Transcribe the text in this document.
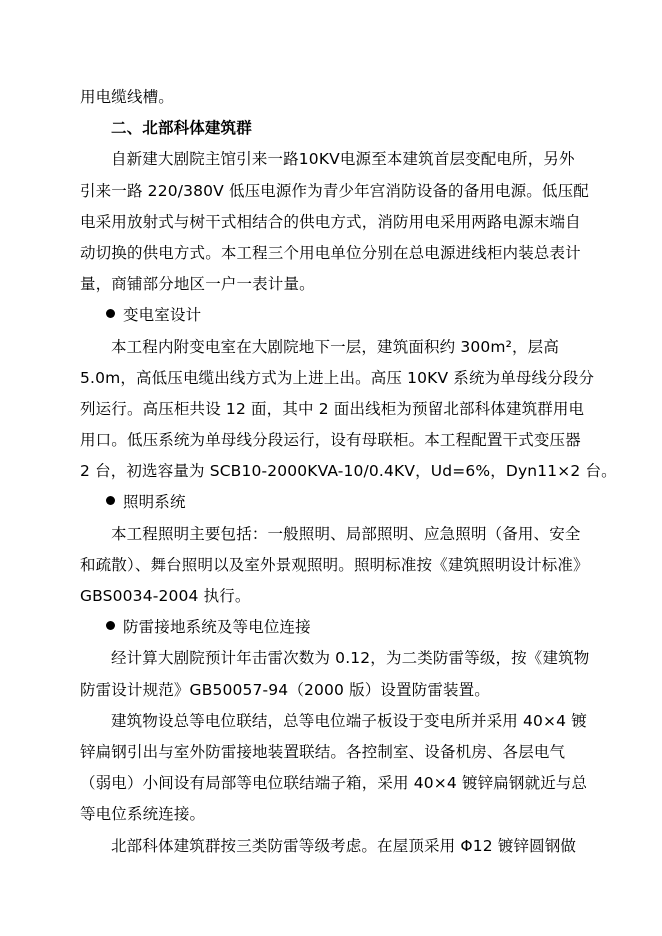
用电缆线槽。
二、北部科体建筑群
自新建大剧院主馆引来一路10KV电源至本建筑首层变配电所，另外
引来一路 220/380V 低压电源作为青少年宫消防设备的备用电源。低压配
电采用放射式与树干式相结合的供电方式，消防用电采用两路电源末端自
动切换的供电方式。本工程三个用电单位分别在总电源进线柜内装总表计
量，商铺部分地区一户一表计量。
变电室设计
本工程内附变电室在大剧院地下一层，建筑面积约 300m²，层高
5.0m，高低压电缆出线方式为上进上出。高压 10KV 系统为单母线分段分
列运行。高压柜共设 12 面，其中 2 面出线柜为预留北部科体建筑群用电
用口。低压系统为单母线分段运行，设有母联柜。本工程配置干式变压器
2 台，初选容量为 SCB10-2000KVA-10/0.4KV，Ud=6%，Dyn11×2 台。
照明系统
本工程照明主要包括：一般照明、局部照明、应急照明（备用、安全
和疏散）、舞台照明以及室外景观照明。照明标准按《建筑照明设计标准》
GBS0034-2004 执行。
防雷接地系统及等电位连接
经计算大剧院预计年击雷次数为 0.12，为二类防雷等级，按《建筑物
防雷设计规范》GB50057-94（2000 版）设置防雷装置。
建筑物设总等电位联结，总等电位端子板设于变电所并采用 40×4 镀
锌扁钢引出与室外防雷接地装置联结。各控制室、设备机房、各层电气
（弱电）小间设有局部等电位联结端子箱，采用 40×4 镀锌扁钢就近与总
等电位系统连接。
北部科体建筑群按三类防雷等级考虑。在屋顶采用 Φ12 镀锌圆钢做
